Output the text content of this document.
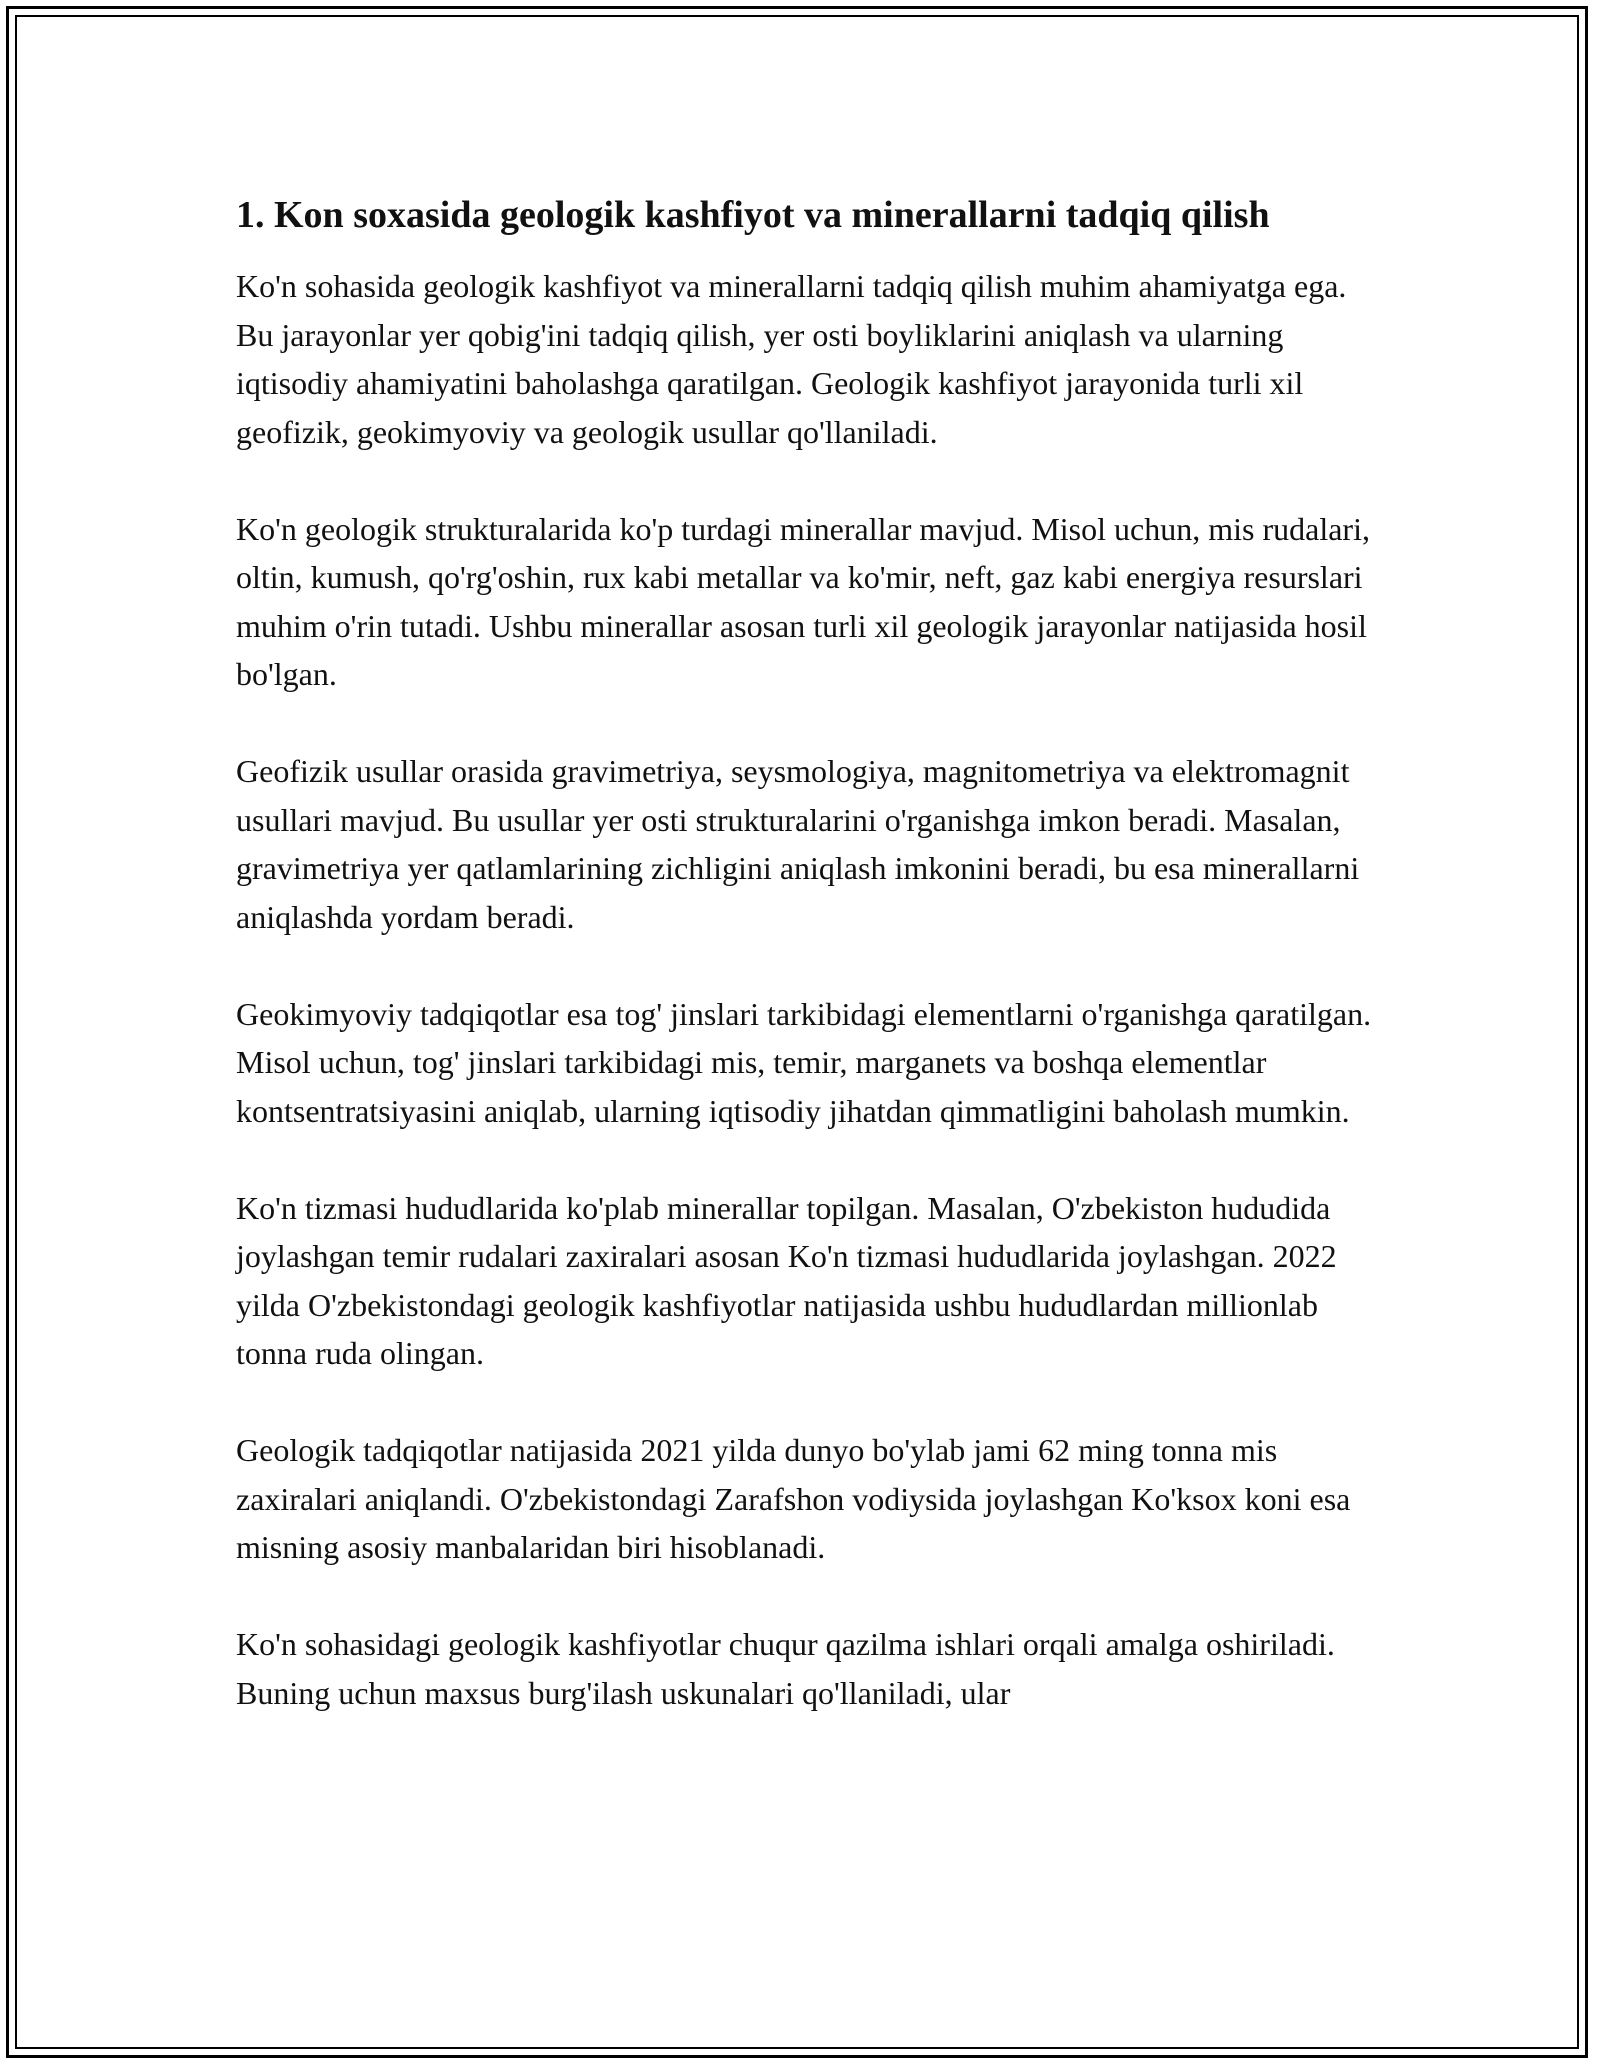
1. Kon soxasida geologik kashfiyot va minerallarni tadqiq qilish

Ko'n sohasida geologik kashfiyot va minerallarni tadqiq qilish muhim ahamiyatga ega. Bu jarayonlar yer qobig'ini tadqiq qilish, yer osti boyliklarini aniqlash va ularning iqtisodiy ahamiyatini baholashga qaratilgan. Geologik kashfiyot jarayonida turli xil geofizik, geokimyoviy va geologik usullar qo'llaniladi.

Ko'n geologik strukturalarida ko'p turdagi minerallar mavjud. Misol uchun, mis rudalari, oltin, kumush, qo'rg'oshin, rux kabi metallar va ko'mir, neft, gaz kabi energiya resurslari muhim o'rin tutadi. Ushbu minerallar asosan turli xil geologik jarayonlar natijasida hosil bo'lgan.

Geofizik usullar orasida gravimetriya, seysmologiya, magnitometriya va elektromagnit usullari mavjud. Bu usullar yer osti strukturalarini o'rganishga imkon beradi. Masalan, gravimetriya yer qatlamlarining zichligini aniqlash imkonini beradi, bu esa minerallarni aniqlashda yordam beradi.

Geokimyoviy tadqiqotlar esa tog' jinslari tarkibidagi elementlarni o'rganishga qaratilgan. Misol uchun, tog' jinslari tarkibidagi mis, temir, marganets va boshqa elementlar kontsentratsiyasini aniqlab, ularning iqtisodiy jihatdan qimmatligini baholash mumkin.

Ko'n tizmasi hududlarida ko'plab minerallar topilgan. Masalan, O'zbekiston hududida joylashgan temir rudalari zaxiralari asosan Ko'n tizmasi hududlarida joylashgan. 2022 yilda O'zbekistondagi geologik kashfiyotlar natijasida ushbu hududlardan millionlab tonna ruda olingan.

Geologik tadqiqotlar natijasida 2021 yilda dunyo bo'ylab jami 62 ming tonna mis zaxiralari aniqlandi. O'zbekistondagi Zarafshon vodiysida joylashgan Ko'ksox koni esa misning asosiy manbalaridan biri hisoblanadi.

Ko'n sohasidagi geologik kashfiyotlar chuqur qazilma ishlari orqali amalga oshiriladi. Buning uchun maxsus burg'ilash uskunalari qo'llaniladi, ular
